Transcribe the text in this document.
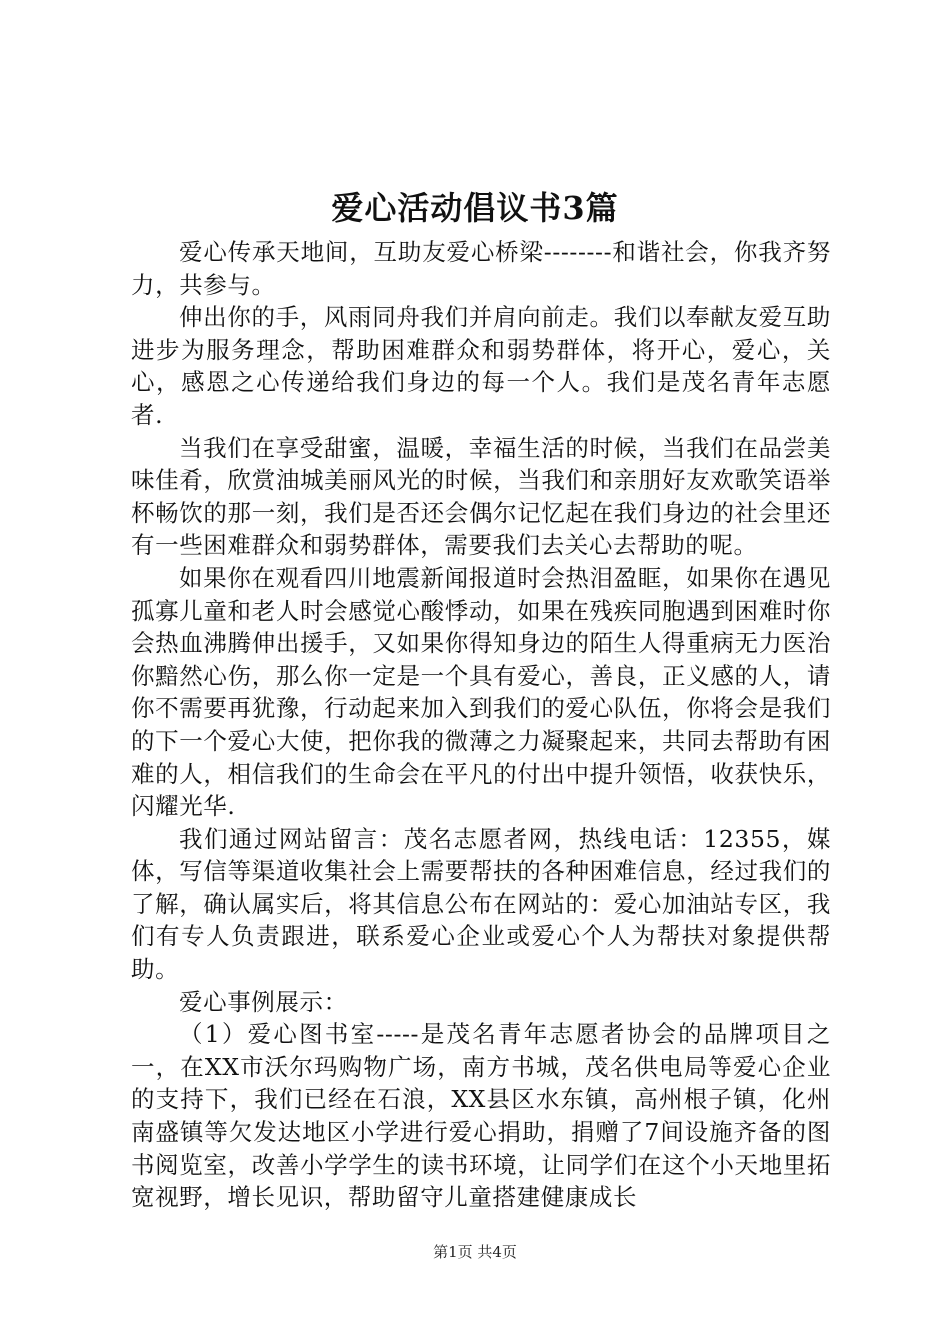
爱心活动倡议书3篇

爱心传承天地间，互助友爱心桥梁--------和谐社会，你我齐努力，共参与。

伸出你的手，风雨同舟我们并肩向前走。我们以奉献友爱互助进步为服务理念，帮助困难群众和弱势群体，将开心，爱心，关心，感恩之心传递给我们身边的每一个人。我们是茂名青年志愿者.

当我们在享受甜蜜，温暖，幸福生活的时候，当我们在品尝美味佳肴，欣赏油城美丽风光的时候，当我们和亲朋好友欢歌笑语举杯畅饮的那一刻，我们是否还会偶尔记忆起在我们身边的社会里还有一些困难群众和弱势群体，需要我们去关心去帮助的呢。

如果你在观看四川地震新闻报道时会热泪盈眶，如果你在遇见孤寡儿童和老人时会感觉心酸悸动，如果在残疾同胞遇到困难时你会热血沸腾伸出援手，又如果你得知身边的陌生人得重病无力医治你黯然心伤，那么你一定是一个具有爱心，善良，正义感的人，请你不需要再犹豫，行动起来加入到我们的爱心队伍，你将会是我们的下一个爱心大使，把你我的微薄之力凝聚起来，共同去帮助有困难的人，相信我们的生命会在平凡的付出中提升领悟，收获快乐，闪耀光华.

我们通过网站留言：茂名志愿者网，热线电话：12355，媒体，写信等渠道收集社会上需要帮扶的各种困难信息，经过我们的了解，确认属实后，将其信息公布在网站的：爱心加油站专区，我们有专人负责跟进，联系爱心企业或爱心个人为帮扶对象提供帮助。

爱心事例展示：

（1）爱心图书室-----是茂名青年志愿者协会的品牌项目之一，在XX市沃尔玛购物广场，南方书城，茂名供电局等爱心企业的支持下，我们已经在石浪，XX县区水东镇，高州根子镇，化州南盛镇等欠发达地区小学进行爱心捐助，捐赠了7间设施齐备的图书阅览室，改善小学学生的读书环境，让同学们在这个小天地里拓宽视野，增长见识，帮助留守儿童搭建健康成长

第1页 共4页
